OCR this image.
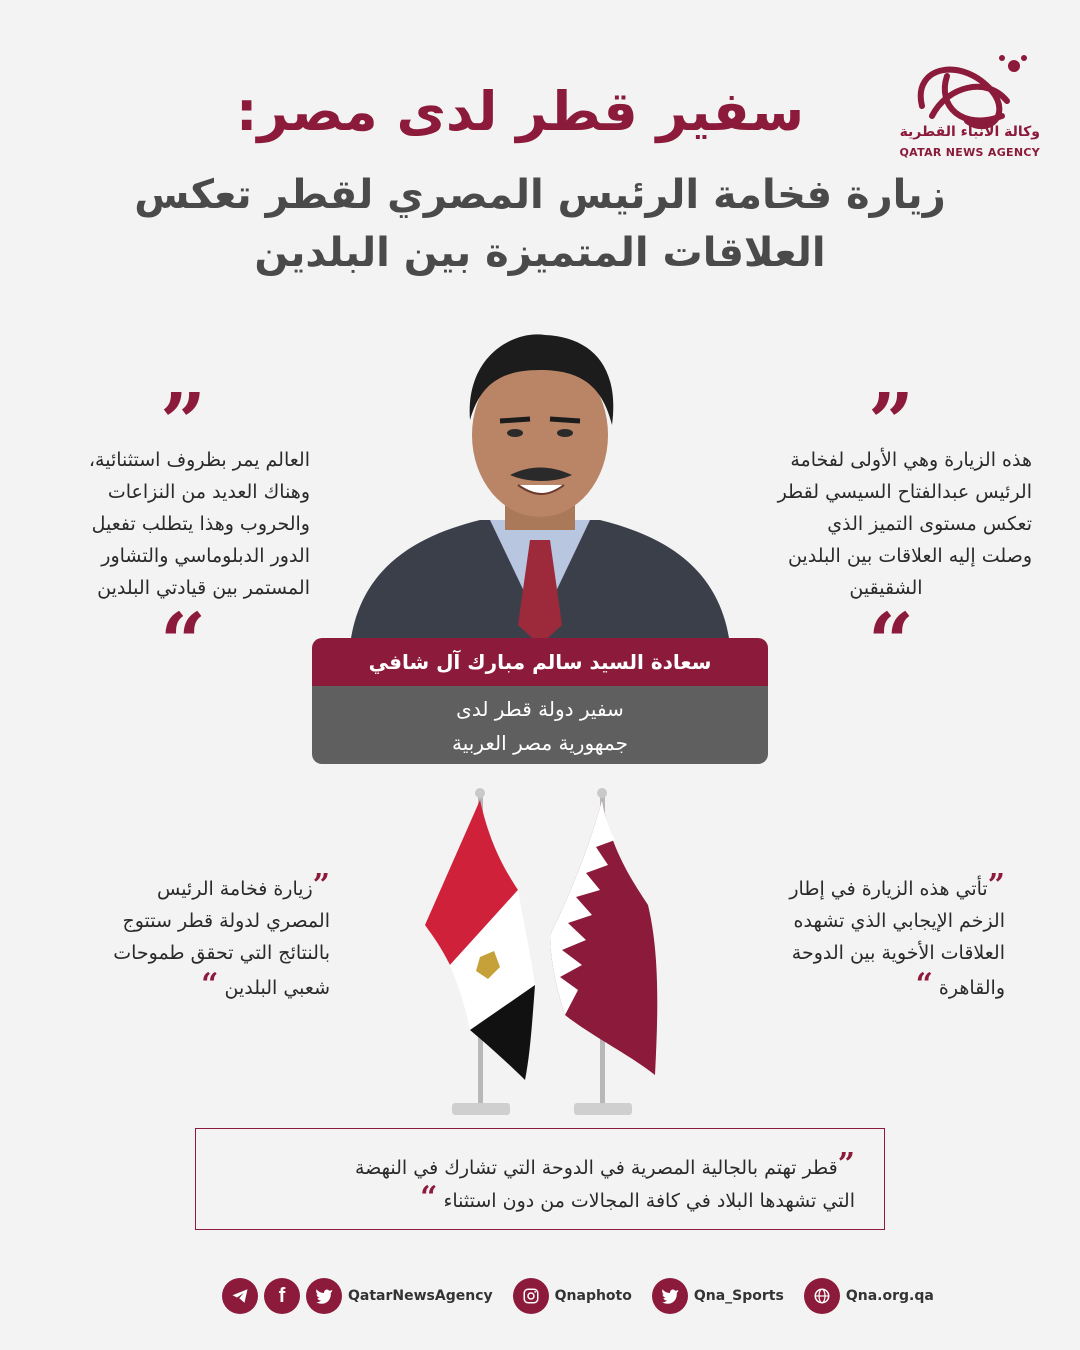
سفير قطر لدى مصر:
زيارة فخامة الرئيس المصري لقطر تعكس
العلاقات المتميزة بين البلدين
وكالة الأنباء القطرية
QATAR NEWS AGENCY
”
العالم يمر بظروف استثنائية،
وهناك العديد من النزاعات
والحروب وهذا يتطلب تفعيل
الدور الدبلوماسي والتشاور
المستمر بين قيادتي البلدين
“
”
هذه الزيارة وهي الأولى لفخامة
الرئيس عبدالفتاح السيسي لقطر
تعكس مستوى التميز الذي
وصلت إليه العلاقات بين البلدين
الشقيقين
“
سعادة السيد سالم مبارك آل شافي
سفير دولة قطر لدى
جمهورية مصر العربية
”زيارة فخامة الرئيس
المصري لدولة قطر ستتوج
بالنتائج التي تحقق طموحات
شعبي البلدين “
”تأتي هذه الزيارة في إطار
الزخم الإيجابي الذي تشهده
العلاقات الأخوية بين الدوحة
والقاهرة “
”قطر تهتم بالجالية المصرية في الدوحة التي تشارك في النهضة
التي تشهدها البلاد في كافة المجالات من دون استثناء “
f	QatarNewsAgency	Qnaphoto	Qna_Sports	Qna.org.qa
